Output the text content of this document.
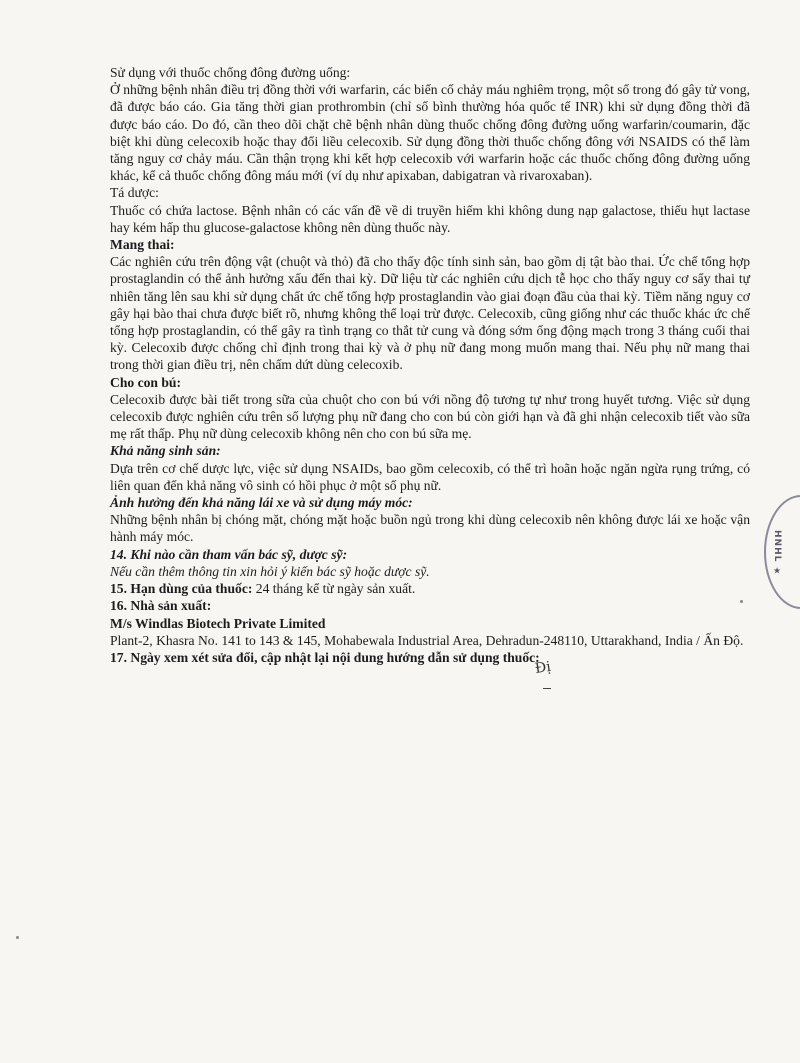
Sử dụng với thuốc chống đông đường uống:

Ở những bệnh nhân điều trị đồng thời với warfarin, các biến cố chảy máu nghiêm trọng, một số trong đó gây tử vong, đã được báo cáo. Gia tăng thời gian prothrombin (chỉ số bình thường hóa quốc tế INR) khi sử dụng đồng thời đã được báo cáo. Do đó, cần theo dõi chặt chẽ bệnh nhân dùng thuốc chống đông đường uống warfarin/coumarin, đặc biệt khi dùng celecoxib hoặc thay đổi liều celecoxib. Sử dụng đồng thời thuốc chống đông với NSAIDS có thể làm tăng nguy cơ chảy máu. Cần thận trọng khi kết hợp celecoxib với warfarin hoặc các thuốc chống đông đường uống khác, kể cả thuốc chống đông máu mới (ví dụ như apixaban, dabigatran và rivaroxaban).

Tá dược:

Thuốc có chứa lactose. Bệnh nhân có các vấn đề về di truyền hiếm khi không dung nạp galactose, thiếu hụt lactase hay kém hấp thu glucose-galactose không nên dùng thuốc này.

Mang thai:

Các nghiên cứu trên động vật (chuột và thỏ) đã cho thấy độc tính sinh sản, bao gồm dị tật bào thai. Ức chế tổng hợp prostaglandin có thể ảnh hưởng xấu đến thai kỳ. Dữ liệu từ các nghiên cứu dịch tễ học cho thấy nguy cơ sẩy thai tự nhiên tăng lên sau khi sử dụng chất ức chế tổng hợp prostaglandin vào giai đoạn đầu của thai kỳ. Tiềm năng nguy cơ gây hại bào thai chưa được biết rõ, nhưng không thể loại trừ được. Celecoxib, cũng giống như các thuốc khác ức chế tổng hợp prostaglandin, có thể gây ra tình trạng co thắt tử cung và đóng sớm ống động mạch trong 3 tháng cuối thai kỳ. Celecoxib được chống chỉ định trong thai kỳ và ở phụ nữ đang mong muốn mang thai. Nếu phụ nữ mang thai trong thời gian điều trị, nên chấm dứt dùng celecoxib.

Cho con bú:

Celecoxib được bài tiết trong sữa của chuột cho con bú với nồng độ tương tự như trong huyết tương. Việc sử dụng celecoxib được nghiên cứu trên số lượng phụ nữ đang cho con bú còn giới hạn và đã ghi nhận celecoxib tiết vào sữa mẹ rất thấp. Phụ nữ dùng celecoxib không nên cho con bú sữa mẹ.

Khả năng sinh sản:

Dựa trên cơ chế dược lực, việc sử dụng NSAIDs, bao gồm celecoxib, có thể trì hoãn hoặc ngăn ngừa rụng trứng, có liên quan đến khả năng vô sinh có hồi phục ở một số phụ nữ.

Ảnh hưởng đến khả năng lái xe và sử dụng máy móc:

Những bệnh nhân bị chóng mặt, chóng mặt hoặc buồn ngủ trong khi dùng celecoxib nên không được lái xe hoặc vận hành máy móc.

14. Khi nào cần tham vấn bác sỹ, dược sỹ:

Nếu cần thêm thông tin xin hỏi ý kiến bác sỹ hoặc dược sỹ.

15. Hạn dùng của thuốc: 24 tháng kể từ ngày sản xuất.

16. Nhà sản xuất:

M/s Windlas Biotech Private Limited

Plant-2, Khasra No. 141 to 143 & 145, Mohabewala Industrial Area, Dehradun-248110, Uttarakhand, India / Ấn Độ.

17. Ngày xem xét sửa đổi, cập nhật lại nội dung hướng dẫn sử dụng thuốc:

Đị
HNHL ★
